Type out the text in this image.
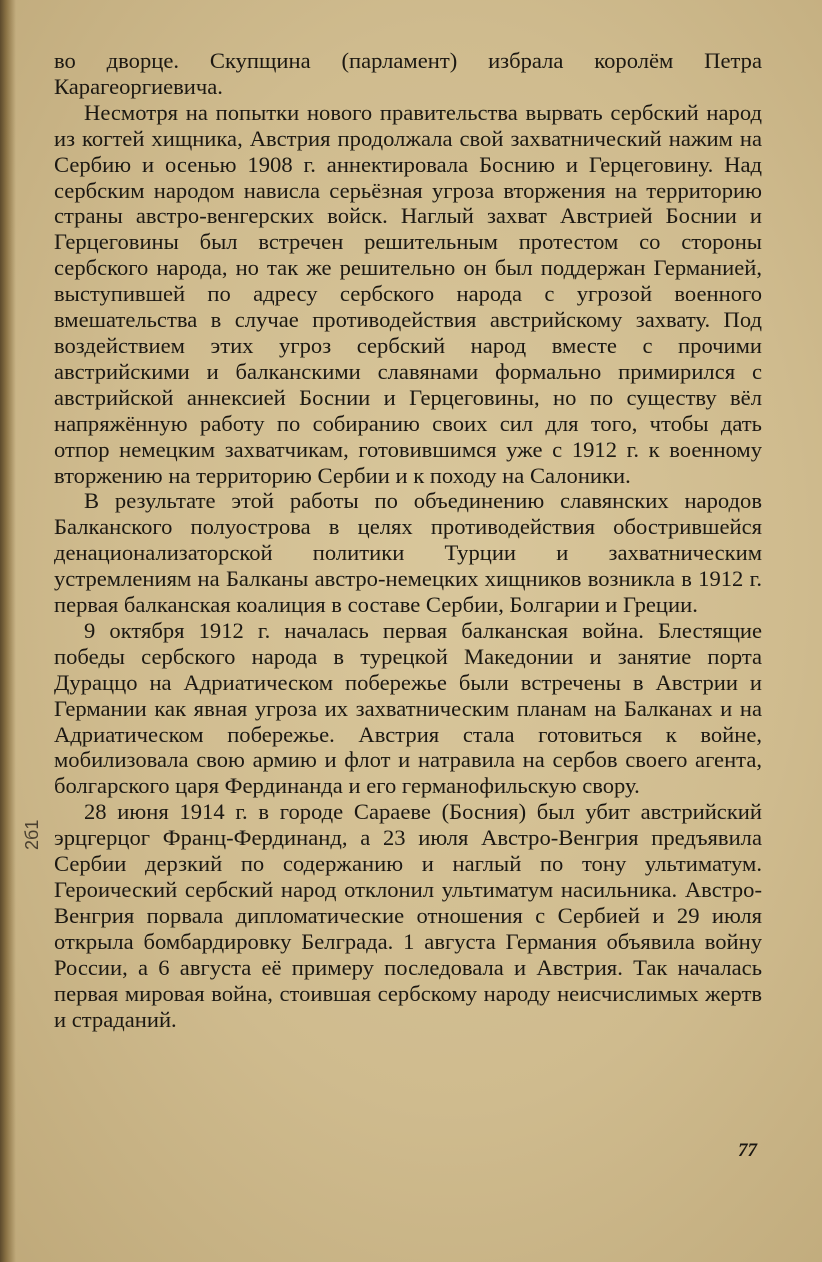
во дворце. Скупщина (парламент) избрала королём Петра Карагеоргиевича.

Несмотря на попытки нового правительства вырвать сербский народ из когтей хищника, Австрия продолжала свой захватнический нажим на Сербию и осенью 1908 г. аннектировала Боснию и Герцеговину. Над сербским народом нависла серьёзная угроза вторжения на территорию страны австро-венгерских войск. Наглый захват Австрией Боснии и Герцеговины был встречен решительным протестом со стороны сербского народа, но так же решительно он был поддержан Германией, выступившей по адресу сербского народа с угрозой военного вмешательства в случае противодействия австрийскому захвату. Под воздействием этих угроз сербский народ вместе с прочими австрийскими и балканскими славянами формально примирился с австрийской аннексией Боснии и Герцеговины, но по существу вёл напряжённую работу по собиранию своих сил для того, чтобы дать отпор немецким захватчикам, готовившимся уже с 1912 г. к военному вторжению на территорию Сербии и к походу на Салоники.

В результате этой работы по объединению славянских народов Балканского полуострова в целях противодействия обострившейся денационализаторской политики Турции и захватническим устремлениям на Балканы австро-немецких хищников возникла в 1912 г. первая балканская коалиция в составе Сербии, Болгарии и Греции.

9 октября 1912 г. началась первая балканская война. Блестящие победы сербского народа в турецкой Македонии и занятие порта Дураццо на Адриатическом побережье были встречены в Австрии и Германии как явная угроза их захватническим планам на Балканах и на Адриатическом побережье. Австрия стала готовиться к войне, мобилизовала свою армию и флот и натравила на сербов своего агента, болгарского царя Фердинанда и его германофильскую свору.

28 июня 1914 г. в городе Сараеве (Босния) был убит австрийский эрцгерцог Франц-Фердинанд, а 23 июля Австро-Венгрия предъявила Сербии дерзкий по содержанию и наглый по тону ультиматум. Героический сербский народ отклонил ультиматум насильника. Австро-Венгрия порвала дипломатические отношения с Сербией и 29 июля открыла бомбардировку Белграда. 1 августа Германия объявила войну России, а 6 августа её примеру последовала и Австрия. Так началась первая мировая война, стоившая сербскому народу неисчислимых жертв и страданий.

2б1
77
